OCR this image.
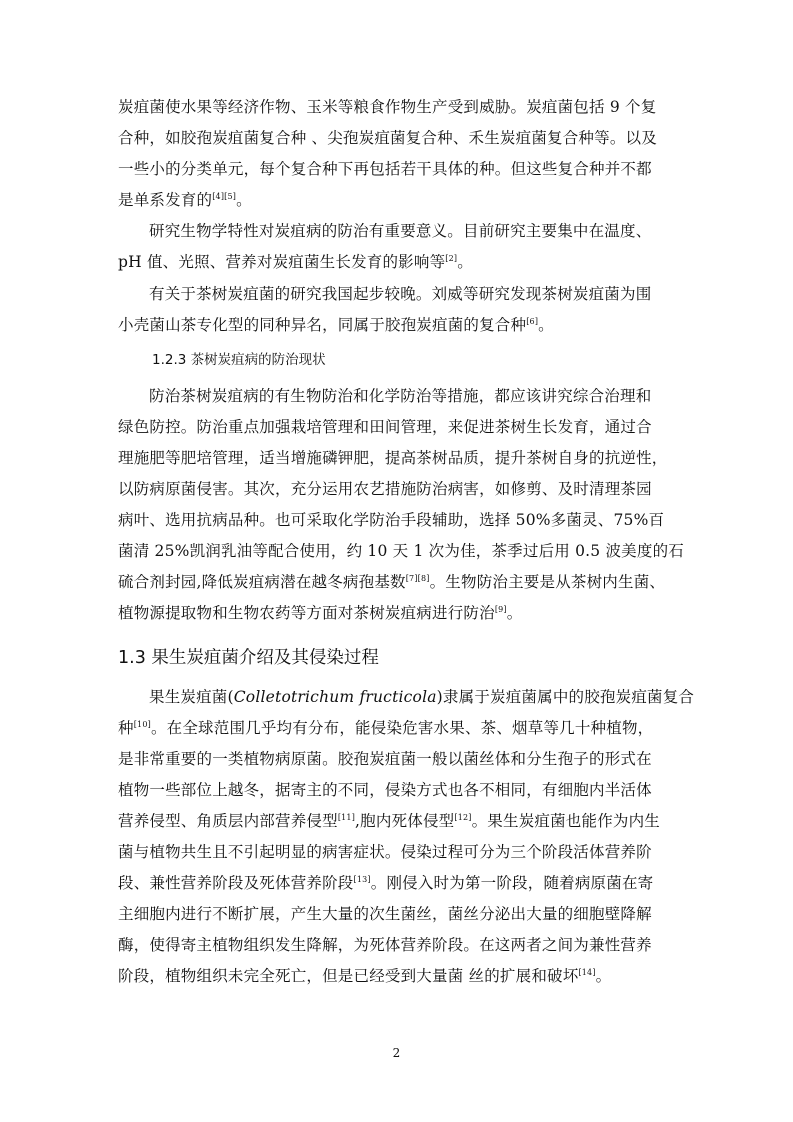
炭疽菌使水果等经济作物、玉米等粮食作物生产受到威胁。炭疽菌包括 9 个复
合种，如胶孢炭疽菌复合种 、尖孢炭疽菌复合种、禾生炭疽菌复合种等。以及
一些小的分类单元，每个复合种下再包括若干具体的种。但这些复合种并不都
是单系发育的[4][5]。
研究生物学特性对炭疽病的防治有重要意义。目前研究主要集中在温度、
pH 值、光照、营养对炭疽菌生长发育的影响等[2]。
有关于茶树炭疽菌的研究我国起步较晚。刘威等研究发现茶树炭疽菌为围
小壳菌山茶专化型的同种异名，同属于胶孢炭疽菌的复合种[6]。
1.2.3 茶树炭疽病的防治现状
防治茶树炭疽病的有生物防治和化学防治等措施，都应该讲究综合治理和
绿色防控。防治重点加强栽培管理和田间管理，来促进茶树生长发育，通过合
理施肥等肥培管理，适当增施磷钾肥，提高茶树品质，提升茶树自身的抗逆性，
以防病原菌侵害。其次，充分运用农艺措施防治病害，如修剪、及时清理茶园
病叶、选用抗病品种。也可采取化学防治手段辅助，选择 50%多菌灵、75%百
菌清 25%凯润乳油等配合使用，约 10 天 1 次为佳，茶季过后用 0.5 波美度的石
硫合剂封园,降低炭疽病潜在越冬病孢基数[7][8]。生物防治主要是从茶树内生菌、
植物源提取物和生物农药等方面对茶树炭疽病进行防治[9]。
1.3 果生炭疽菌介绍及其侵染过程
果生炭疽菌(Colletotrichum fructicola)隶属于炭疽菌属中的胶孢炭疽菌复合
种[10]。在全球范围几乎均有分布，能侵染危害水果、茶、烟草等几十种植物，
是非常重要的一类植物病原菌。胶孢炭疽菌一般以菌丝体和分生孢子的形式在
植物一些部位上越冬，据寄主的不同，侵染方式也各不相同，有细胞内半活体
营养侵型、角质层内部营养侵型[11],胞内死体侵型[12]。果生炭疽菌也能作为内生
菌与植物共生且不引起明显的病害症状。侵染过程可分为三个阶段活体营养阶
段、兼性营养阶段及死体营养阶段[13]。刚侵入时为第一阶段，随着病原菌在寄
主细胞内进行不断扩展，产生大量的次生菌丝，菌丝分泌出大量的细胞壁降解
酶，使得寄主植物组织发生降解，为死体营养阶段。在这两者之间为兼性营养
阶段，植物组织未完全死亡，但是已经受到大量菌 丝的扩展和破坏[14]。
2
